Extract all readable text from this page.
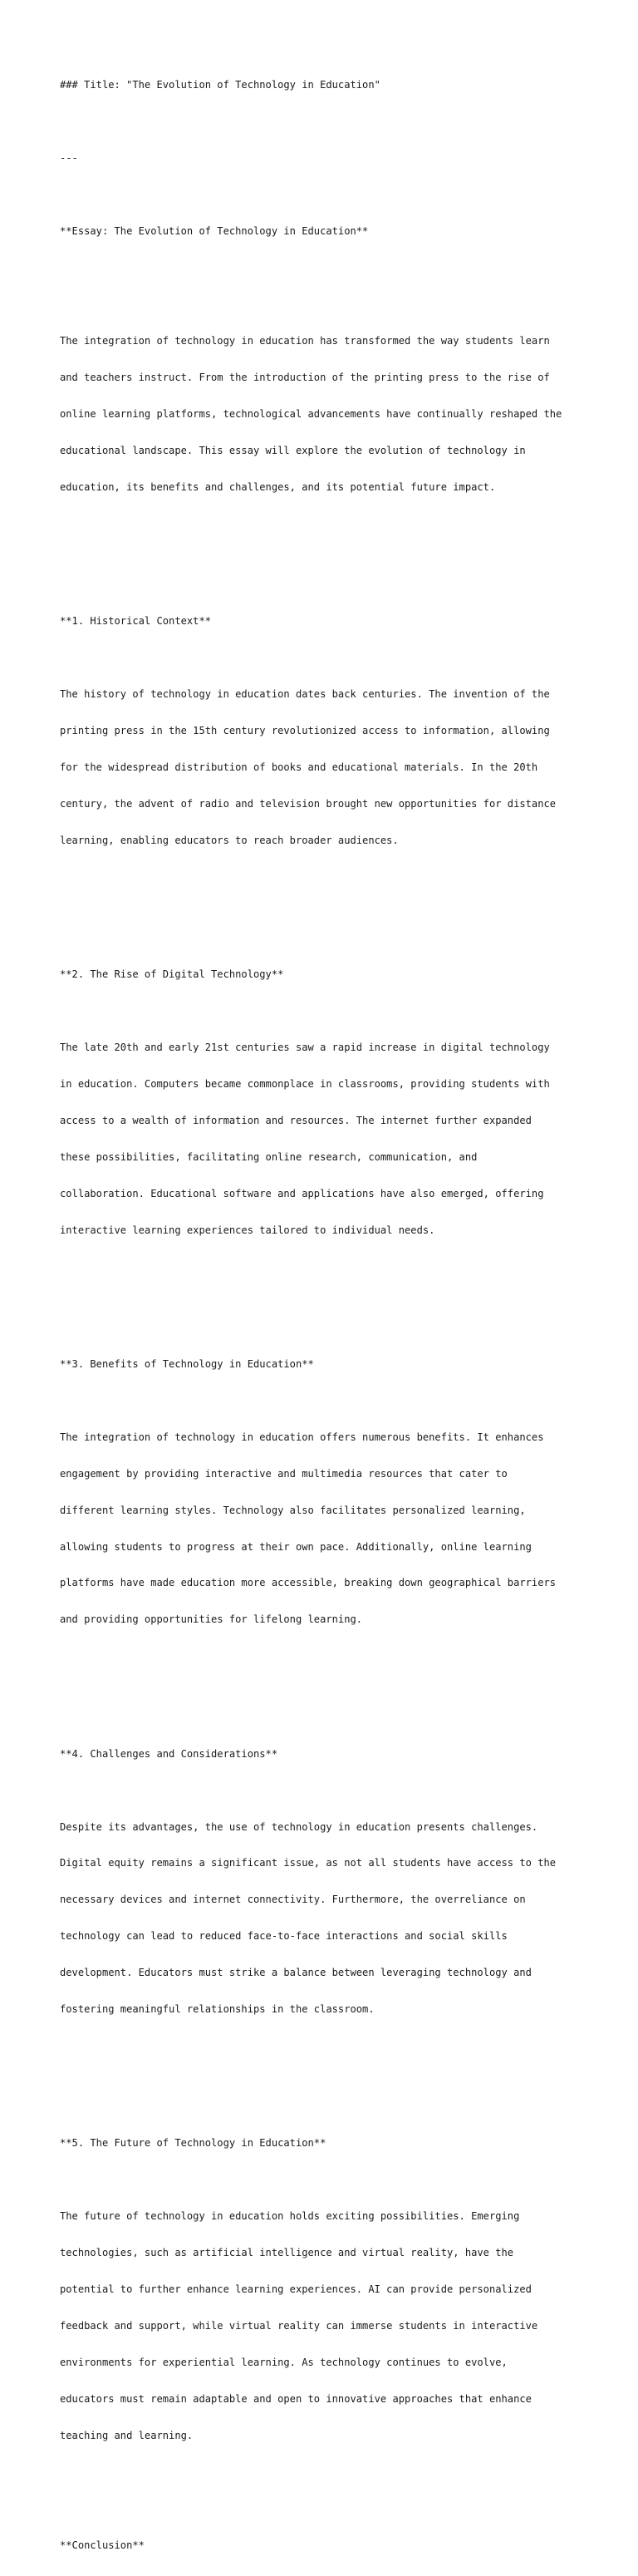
### Title: "The Evolution of Technology in Education"

---

**Essay: The Evolution of Technology in Education**

The integration of technology in education has transformed the way students learn

and teachers instruct. From the introduction of the printing press to the rise of

online learning platforms, technological advancements have continually reshaped the

educational landscape. This essay will explore the evolution of technology in

education, its benefits and challenges, and its potential future impact.

**1. Historical Context**

The history of technology in education dates back centuries. The invention of the

printing press in the 15th century revolutionized access to information, allowing

for the widespread distribution of books and educational materials. In the 20th

century, the advent of radio and television brought new opportunities for distance

learning, enabling educators to reach broader audiences.

**2. The Rise of Digital Technology**

The late 20th and early 21st centuries saw a rapid increase in digital technology

in education. Computers became commonplace in classrooms, providing students with

access to a wealth of information and resources. The internet further expanded

these possibilities, facilitating online research, communication, and

collaboration. Educational software and applications have also emerged, offering

interactive learning experiences tailored to individual needs.

**3. Benefits of Technology in Education**

The integration of technology in education offers numerous benefits. It enhances

engagement by providing interactive and multimedia resources that cater to

different learning styles. Technology also facilitates personalized learning,

allowing students to progress at their own pace. Additionally, online learning

platforms have made education more accessible, breaking down geographical barriers

and providing opportunities for lifelong learning.

**4. Challenges and Considerations**

Despite its advantages, the use of technology in education presents challenges.

Digital equity remains a significant issue, as not all students have access to the

necessary devices and internet connectivity. Furthermore, the overreliance on

technology can lead to reduced face-to-face interactions and social skills

development. Educators must strike a balance between leveraging technology and

fostering meaningful relationships in the classroom.

**5. The Future of Technology in Education**

The future of technology in education holds exciting possibilities. Emerging

technologies, such as artificial intelligence and virtual reality, have the

potential to further enhance learning experiences. AI can provide personalized

feedback and support, while virtual reality can immerse students in interactive

environments for experiential learning. As technology continues to evolve,

educators must remain adaptable and open to innovative approaches that enhance

teaching and learning.

**Conclusion**
